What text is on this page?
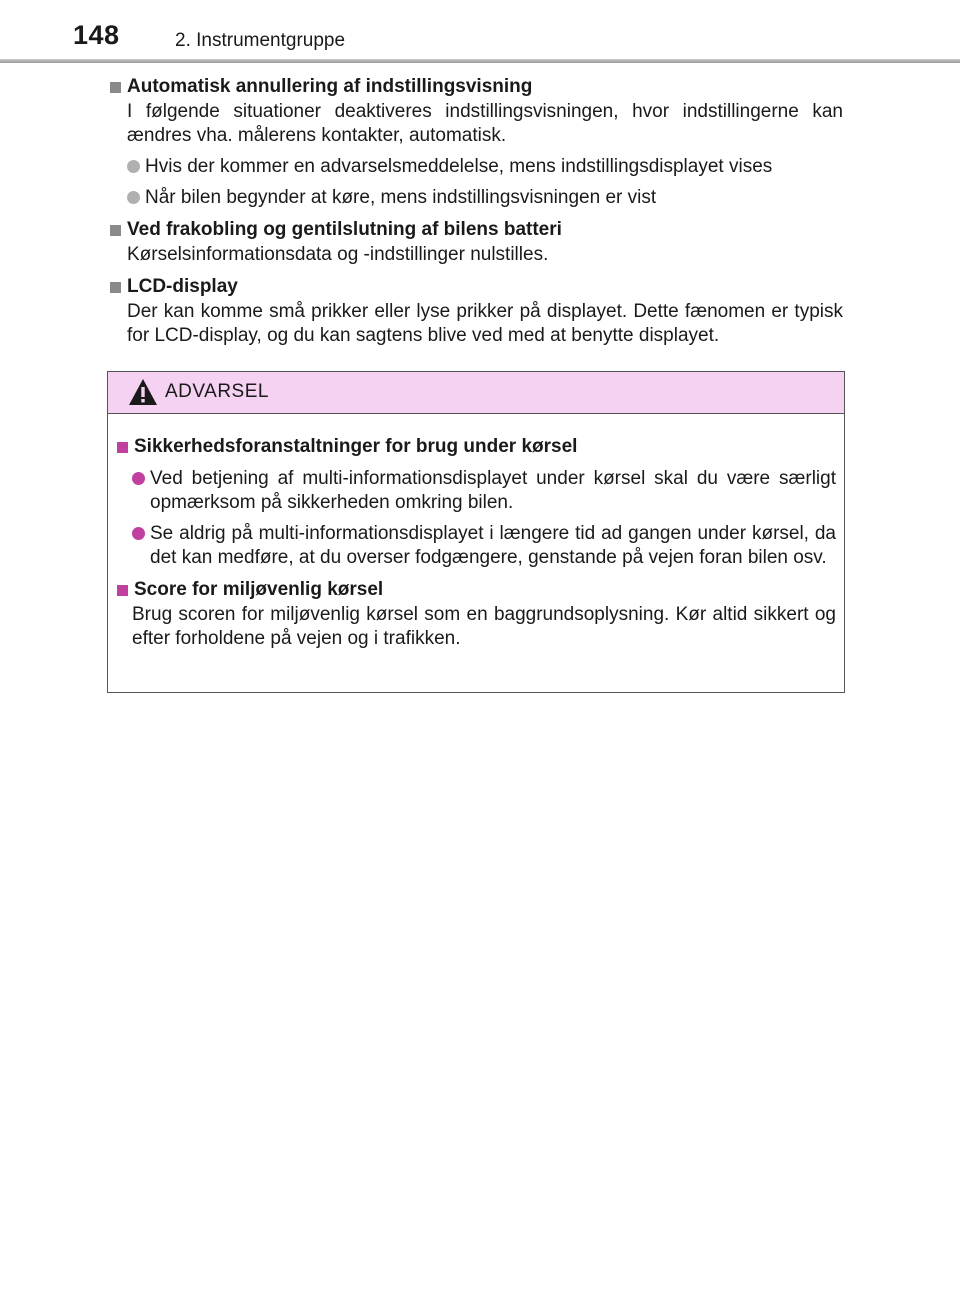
148	2. Instrumentgruppe
Automatisk annullering af indstillingsvisning
I følgende situationer deaktiveres indstillingsvisningen, hvor indstillingerne kan ændres vha. målerens kontakter, automatisk.
Hvis der kommer en advarselsmeddelelse, mens indstillingsdisplayet vises
Når bilen begynder at køre, mens indstillingsvisningen er vist
Ved frakobling og gentilslutning af bilens batteri
Kørselsinformationsdata og -indstillinger nulstilles.
LCD-display
Der kan komme små prikker eller lyse prikker på displayet. Dette fænomen er typisk for LCD-display, og du kan sagtens blive ved med at benytte displayet.
ADVARSEL
Sikkerhedsforanstaltninger for brug under kørsel
Ved betjening af multi-informationsdisplayet under kørsel skal du være særligt opmærksom på sikkerheden omkring bilen.
Se aldrig på multi-informationsdisplayet i længere tid ad gangen under kørsel, da det kan medføre, at du overser fodgængere, genstande på vejen foran bilen osv.
Score for miljøvenlig kørsel
Brug scoren for miljøvenlig kørsel som en baggrundsoplysning. Kør altid sikkert og efter forholdene på vejen og i trafikken.
